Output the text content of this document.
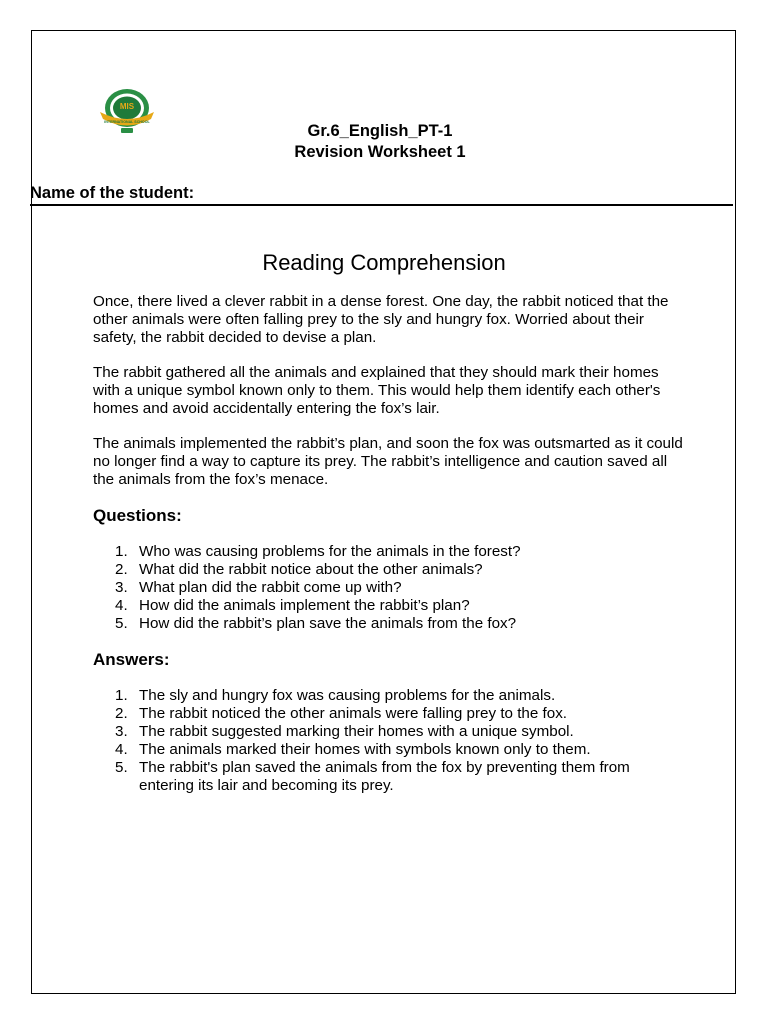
MIS
INTERNATIONAL SCHOOL	Gr.6_English_PT-1
Revision Worksheet 1
Name of the student:
Reading Comprehension

Once, there lived a clever rabbit in a dense forest. One day, the rabbit noticed that the other animals were often falling prey to the sly and hungry fox. Worried about their safety, the rabbit decided to devise a plan.

The rabbit gathered all the animals and explained that they should mark their homes with a unique symbol known only to them. This would help them identify each other's homes and avoid accidentally entering the fox’s lair.

The animals implemented the rabbit’s plan, and soon the fox was outsmarted as it could no longer find a way to capture its prey. The rabbit’s intelligence and caution saved all the animals from the fox’s menace.

Questions:
1. Who was causing problems for the animals in the forest?
2. What did the rabbit notice about the other animals?
3. What plan did the rabbit come up with?
4. How did the animals implement the rabbit’s plan?
5. How did the rabbit’s plan save the animals from the fox?
Answers:
1. The sly and hungry fox was causing problems for the animals.
2. The rabbit noticed the other animals were falling prey to the fox.
3. The rabbit suggested marking their homes with a unique symbol.
4. The animals marked their homes with symbols known only to them.
5. The rabbit's plan saved the animals from the fox by preventing them from entering its lair and becoming its prey.
